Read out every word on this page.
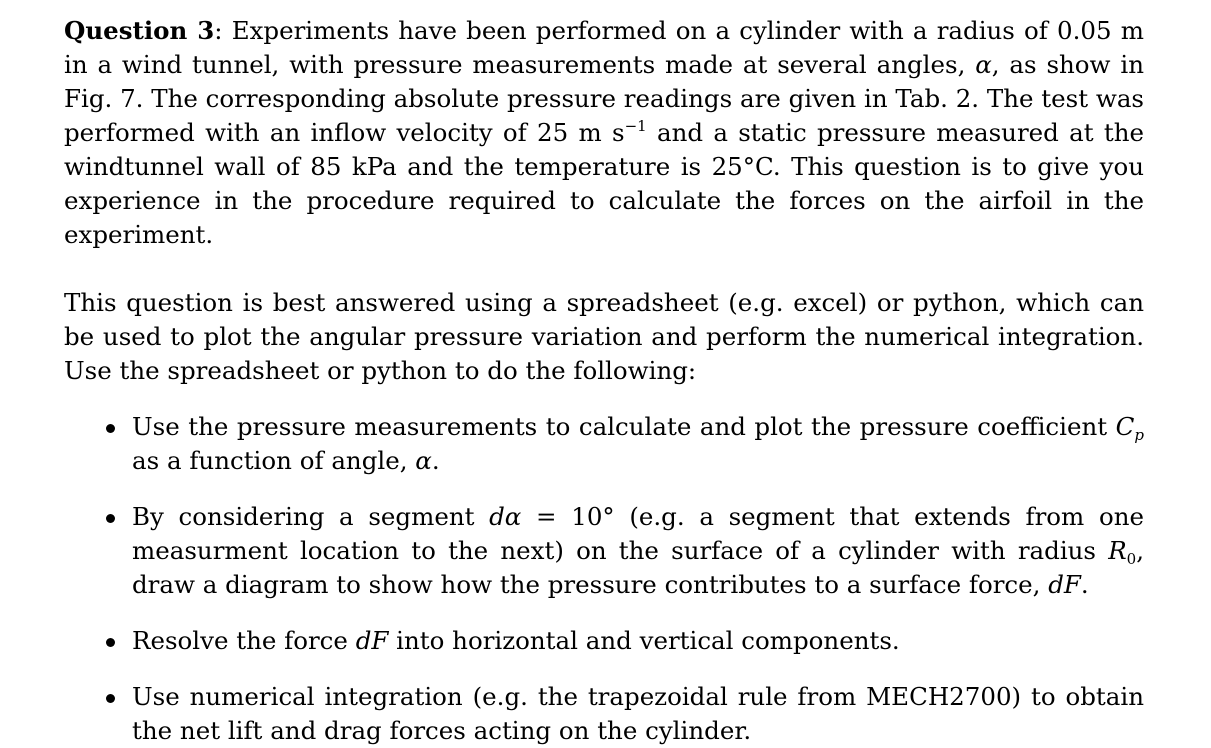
Question 3: Experiments have been performed on a cylinder with a radius of 0.05 m in a wind tunnel, with pressure measurements made at several angles, α, as show in Fig. 7. The corresponding absolute pressure readings are given in Tab. 2. The test was performed with an inflow velocity of 25 m $s^{-1}$ and a static pressure measured at the windtunnel wall of 85 kPa and the temperature is 25°C. This question is to give you experience in the procedure required to calculate the forces on the airfoil in the experiment.

This question is best answered using a spreadsheet (e.g. excel) or python, which can be used to plot the angular pressure variation and perform the numerical integration. Use the spreadsheet or python to do the following:

Use the pressure measurements to calculate and plot the pressure coefficient $C_p$ as a function of angle, α.
By considering a segment dα = 10° (e.g. a segment that extends from one measurment location to the next) on the surface of a cylinder with radius $R_0$, draw a diagram to show how the pressure contributes to a surface force, dF.
Resolve the force dF into horizontal and vertical components.
Use numerical integration (e.g. the trapezoidal rule from MECH2700) to obtain the net lift and drag forces acting on the cylinder.
